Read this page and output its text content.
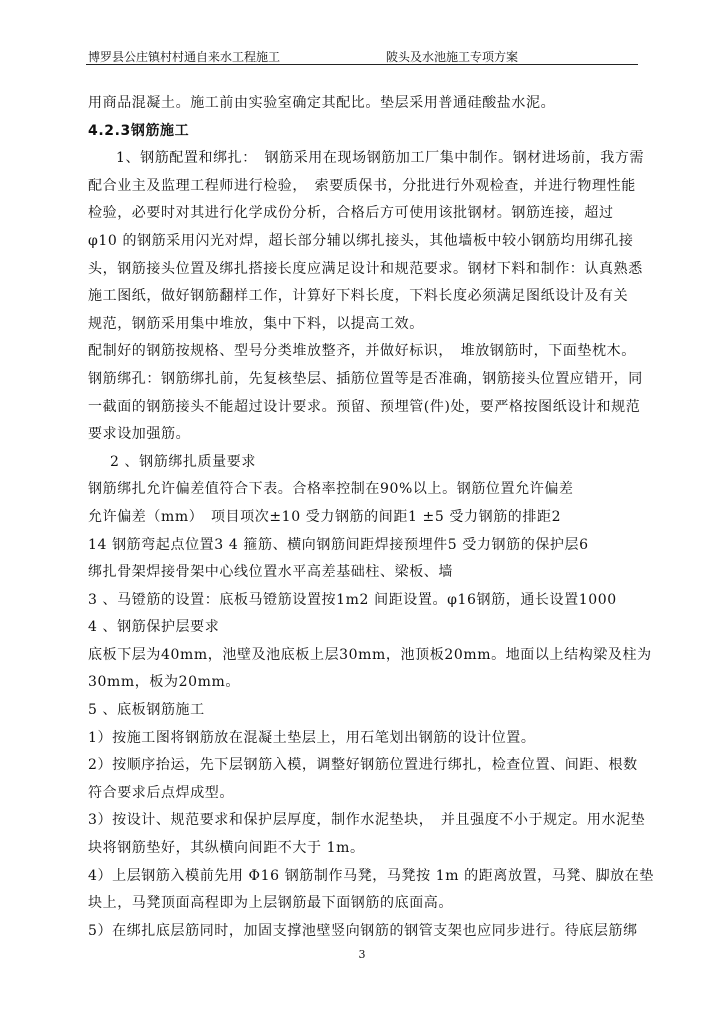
博罗县公庄镇村村通自来水工程施工	陂头及水池施工专项方案
用商品混凝土。施工前由实验室确定其配比。垫层采用普通硅酸盐水泥。
4.2.3钢筋施工
1、钢筋配置和绑扎：　钢筋采用在现场钢筋加工厂集中制作。钢材进场前，我方需
配合业主及监理工程师进行检验，　索要质保书，分批进行外观检查，并进行物理性能
检验，必要时对其进行化学成份分析，合格后方可使用该批钢材。钢筋连接，超过
φ10 的钢筋采用闪光对焊，超长部分辅以绑扎接头，其他墙板中较小钢筋均用绑孔接
头，钢筋接头位置及绑扎搭接长度应满足设计和规范要求。钢材下料和制作：认真熟悉
施工图纸，做好钢筋翻样工作，计算好下料长度，下料长度必须满足图纸设计及有关
规范，钢筋采用集中堆放，集中下料，以提高工效。
配制好的钢筋按规格、型号分类堆放整齐，并做好标识，　堆放钢筋时，下面垫枕木。
钢筋绑孔：钢筋绑扎前，先复核垫层、插筋位置等是否准确，钢筋接头位置应错开，同
一截面的钢筋接头不能超过设计要求。预留、预埋管(件)处，要严格按图纸设计和规范
要求设加强筋。
2 、钢筋绑扎质量要求
钢筋绑扎允许偏差值符合下表。合格率控制在90%以上。钢筋位置允许偏差
允许偏差（mm）　项目项次±10 受力钢筋的间距1 ±5 受力钢筋的排距2
14 钢筋弯起点位置3 4 箍筋、横向钢筋间距焊接预埋件5 受力钢筋的保护层6
绑扎骨架焊接骨架中心线位置水平高差基础柱、梁板、墙
3 、马镫筋的设置：底板马镫筋设置按1m2 间距设置。φ16钢筋，通长设置1000
4 、钢筋保护层要求
底板下层为40mm，池壁及池底板上层30mm，池顶板20mm。地面以上结构梁及柱为
30mm，板为20mm。
5 、底板钢筋施工
1）按施工图将钢筋放在混凝土垫层上，用石笔划出钢筋的设计位置。
2）按顺序抬运，先下层钢筋入模，调整好钢筋位置进行绑扎，检查位置、间距、根数
符合要求后点焊成型。
3）按设计、规范要求和保护层厚度，制作水泥垫块，　并且强度不小于规定。用水泥垫
块将钢筋垫好，其纵横向间距不大于 1m。
4）上层钢筋入模前先用 Φ16 钢筋制作马凳，马凳按 1m 的距离放置，马凳、脚放在垫
块上，马凳顶面高程即为上层钢筋最下面钢筋的底面高。
5）在绑扎底层筋同时，加固支撑池壁竖向钢筋的钢管支架也应同步进行。待底层筋绑
3
